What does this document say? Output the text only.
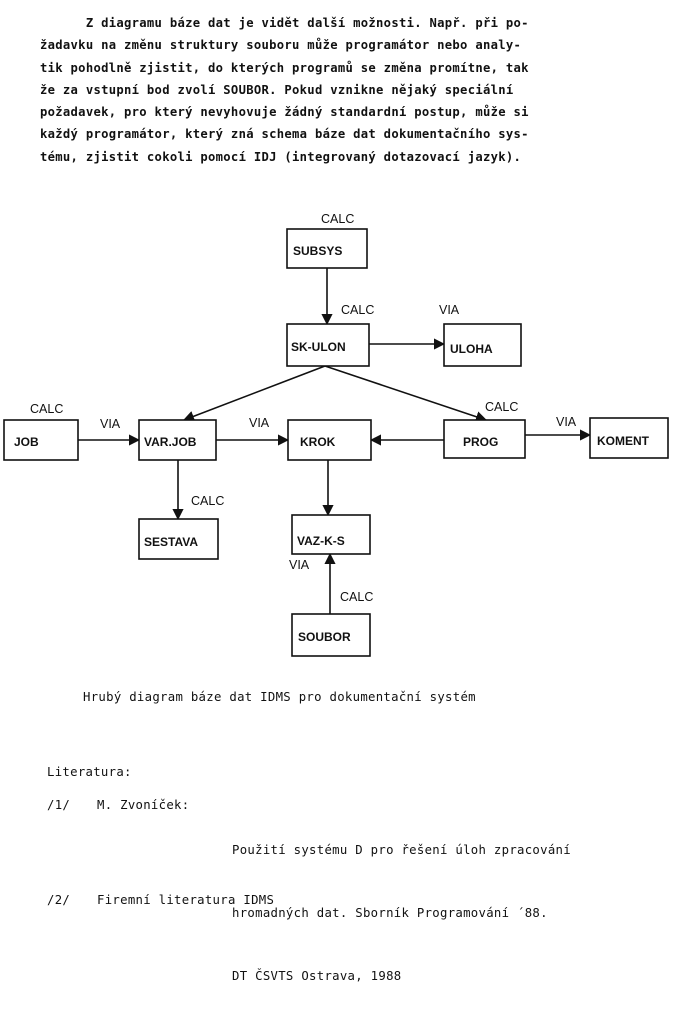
Z diagramu báze dat je vidět další možnosti. Např. při po-
žadavku na změnu struktury souboru může programátor nebo analy-
tik pohodlně zjistit, do kterých programů se změna promítne, tak
že za vstupní bod zvolí SOUBOR. Pokud vznikne nějaký speciální
požadavek, pro který nevyhovuje žádný standardní postup, může si
každý programátor, který zná schema báze dat dokumentačního sys-
tému, zjistit cokoli pomocí IDJ (integrovaný dotazovací jazyk).
SUBSYS
SK-ULON	ULOHA
JOB	VAR.JOB	KROK	PROG	KOMENT
SESTAVA	VAZ-K-S
SOUBOR
CALC
CALC	VIA
CALC
VIA	VIA
CALC
VIA
CALC
VIA
CALC

Hrubý diagram báze dat IDMS pro dokumentační systém

Literatura:

/1/ M. Zvoníček:

Použití systému D pro řešení úloh zpracování

hromadných dat. Sborník Programování ´88.

DT ČSVTS Ostrava, 1988

/2/ Firemní literatura IDMS
